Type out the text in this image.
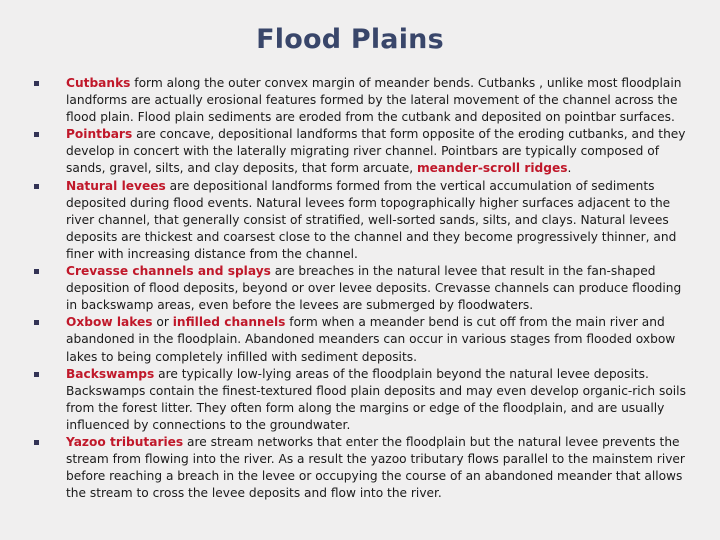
Flood Plains
Cutbanks form along the outer convex margin of meander bends. Cutbanks , unlike most floodplain landforms are actually erosional features formed by the lateral movement of the channel across the flood plain. Flood plain sediments are eroded from the cutbank and deposited on pointbar surfaces.
Pointbars are concave, depositional landforms that form opposite of the eroding cutbanks, and they develop in concert with the laterally migrating river channel. Pointbars are typically composed of sands, gravel, silts, and clay deposits, that form arcuate, meander-scroll ridges.
Natural levees are depositional landforms formed from the vertical accumulation of sediments deposited during flood events. Natural levees form topographically higher surfaces adjacent to the river channel, that generally consist of stratified, well-sorted sands, silts, and clays. Natural levees deposits are thickest and coarsest close to the channel and they become progressively thinner, and finer with increasing distance from the channel.
Crevasse channels and splays are breaches in the natural levee that result in the fan-shaped deposition of flood deposits, beyond or over levee deposits. Crevasse channels can produce flooding in backswamp areas, even before the levees are submerged by floodwaters.
Oxbow lakes or infilled channels form when a meander bend is cut off from the main river and abandoned in the floodplain. Abandoned meanders can occur in various stages from flooded oxbow lakes to being completely infilled with sediment deposits.
Backswamps are typically low-lying areas of the floodplain beyond the natural levee deposits. Backswamps contain the finest-textured flood plain deposits and may even develop organic-rich soils from the forest litter. They often form along the margins or edge of the floodplain, and are usually influenced by connections to the groundwater.
Yazoo tributaries are stream networks that enter the floodplain but the natural levee prevents the stream from flowing into the river. As a result the yazoo tributary flows parallel to the mainstem river before reaching a breach in the levee or occupying the course of an abandoned meander that allows the stream to cross the levee deposits and flow into the river.
